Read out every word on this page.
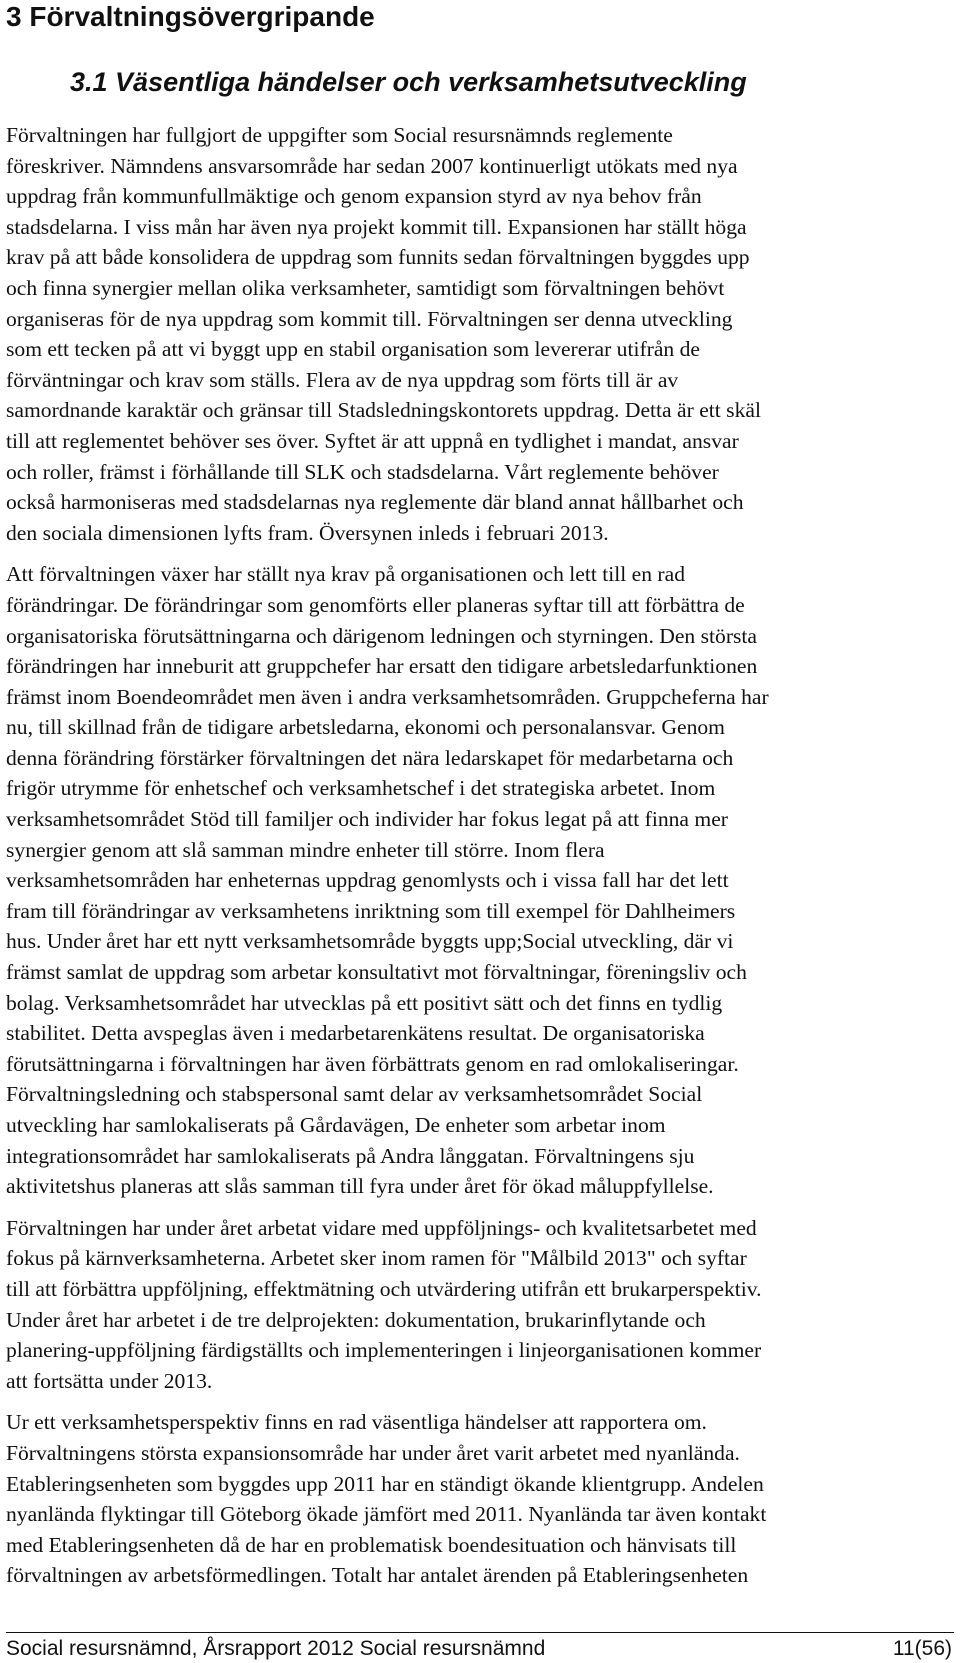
3 Förvaltningsövergripande
3.1 Väsentliga händelser och verksamhetsutveckling

Förvaltningen har fullgjort de uppgifter som Social resursnämnds reglemente
föreskriver. Nämndens ansvarsområde har sedan 2007 kontinuerligt utökats med nya
uppdrag från kommunfullmäktige och genom expansion styrd av nya behov från
stadsdelarna. I viss mån har även nya projekt kommit till. Expansionen har ställt höga
krav på att både konsolidera de uppdrag som funnits sedan förvaltningen byggdes upp
och finna synergier mellan olika verksamheter, samtidigt som förvaltningen behövt
organiseras för de nya uppdrag som kommit till. Förvaltningen ser denna utveckling
som ett tecken på att vi byggt upp en stabil organisation som levererar utifrån de
förväntningar och krav som ställs. Flera av de nya uppdrag som förts till är av
samordnande karaktär och gränsar till Stadsledningskontorets uppdrag. Detta är ett skäl
till att reglementet behöver ses över. Syftet är att uppnå en tydlighet i mandat, ansvar
och roller, främst i förhållande till SLK och stadsdelarna. Vårt reglemente behöver
också harmoniseras med stadsdelarnas nya reglemente där bland annat hållbarhet och
den sociala dimensionen lyfts fram. Översynen inleds i februari 2013.

Att förvaltningen växer har ställt nya krav på organisationen och lett till en rad
förändringar. De förändringar som genomförts eller planeras syftar till att förbättra de
organisatoriska förutsättningarna och därigenom ledningen och styrningen. Den största
förändringen har inneburit att gruppchefer har ersatt den tidigare arbetsledarfunktionen
främst inom Boendeområdet men även i andra verksamhetsområden. Gruppcheferna har
nu, till skillnad från de tidigare arbetsledarna, ekonomi och personalansvar. Genom
denna förändring förstärker förvaltningen det nära ledarskapet för medarbetarna och
frigör utrymme för enhetschef och verksamhetschef i det strategiska arbetet. Inom
verksamhetsområdet Stöd till familjer och individer har fokus legat på att finna mer
synergier genom att slå samman mindre enheter till större. Inom flera
verksamhetsområden har enheternas uppdrag genomlysts och i vissa fall har det lett
fram till förändringar av verksamhetens inriktning som till exempel för Dahlheimers
hus. Under året har ett nytt verksamhetsområde byggts upp;Social utveckling, där vi
främst samlat de uppdrag som arbetar konsultativt mot förvaltningar, föreningsliv och
bolag. Verksamhetsområdet har utvecklas på ett positivt sätt och det finns en tydlig
stabilitet. Detta avspeglas även i medarbetarenkätens resultat. De organisatoriska
förutsättningarna i förvaltningen har även förbättrats genom en rad omlokaliseringar.
Förvaltningsledning och stabspersonal samt delar av verksamhetsområdet Social
utveckling har samlokaliserats på Gårdavägen, De enheter som arbetar inom
integrationsområdet har samlokaliserats på Andra långgatan. Förvaltningens sju
aktivitetshus planeras att slås samman till fyra under året för ökad måluppfyllelse.

Förvaltningen har under året arbetat vidare med uppföljnings- och kvalitetsarbetet med
fokus på kärnverksamheterna. Arbetet sker inom ramen för "Målbild 2013" och syftar
till att förbättra uppföljning, effektmätning och utvärdering utifrån ett brukarperspektiv.
Under året har arbetet i de tre delprojekten: dokumentation, brukarinflytande och
planering-uppföljning färdigställts och implementeringen i linjeorganisationen kommer
att fortsätta under 2013.

Ur ett verksamhetsperspektiv finns en rad väsentliga händelser att rapportera om.
Förvaltningens största expansionsområde har under året varit arbetet med nyanlända.
Etableringsenheten som byggdes upp 2011 har en ständigt ökande klientgrupp. Andelen
nyanlända flyktingar till Göteborg ökade jämfört med 2011. Nyanlända tar även kontakt
med Etableringsenheten då de har en problematisk boendesituation och hänvisats till
förvaltningen av arbetsförmedlingen. Totalt har antalet ärenden på Etableringsenheten

Social resursnämnd, Årsrapport 2012 Social resursnämnd	11(56)
